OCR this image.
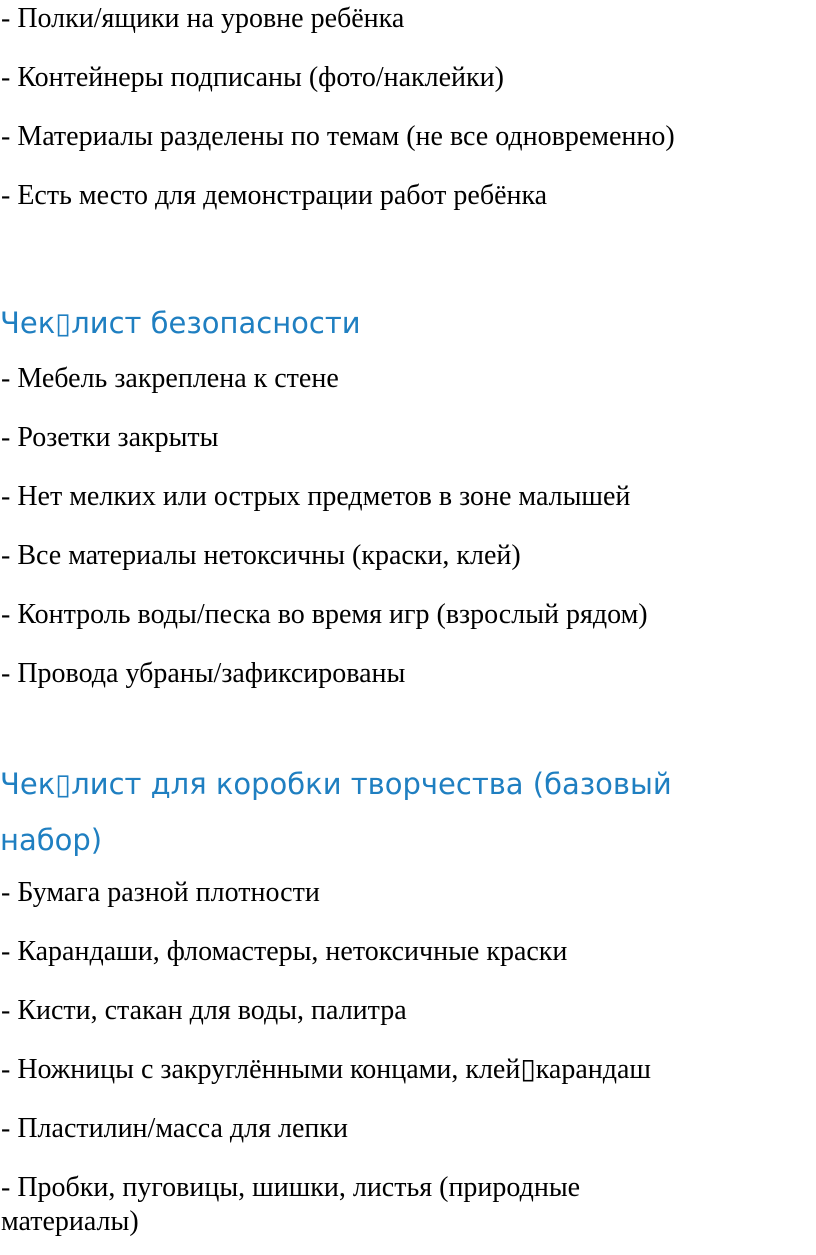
- Полки/ящики на уровне ребёнка

- Контейнеры подписаны (фото/наклейки)

- Материалы разделены по темам (не все одновременно)

- Есть место для демонстрации работ ребёнка

Чек▯лист безопасности

- Мебель закреплена к стене

- Розетки закрыты

- Нет мелких или острых предметов в зоне малышей

- Все материалы нетоксичны (краски, клей)

- Контроль воды/песка во время игр (взрослый рядом)

- Провода убраны/зафиксированы

Чек▯лист для коробки творчества (базовый набор)

- Бумага разной плотности

- Карандаши, фломастеры, нетоксичные краски

- Кисти, стакан для воды, палитра

- Ножницы с закруглёнными концами, клей▯карандаш

- Пластилин/масса для лепки

- Пробки, пуговицы, шишки, листья (природные материалы)
